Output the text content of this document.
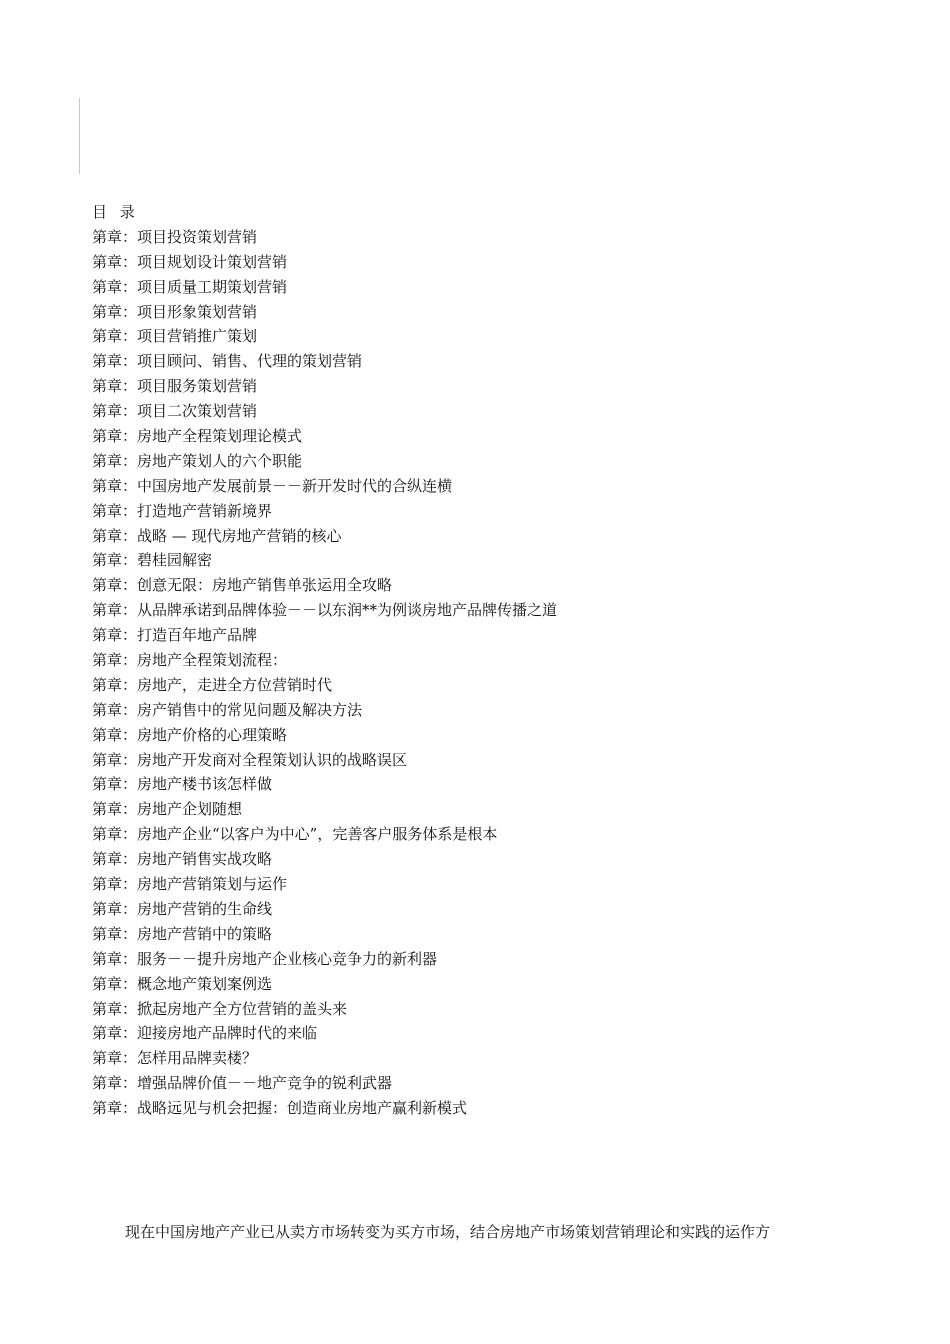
目 录
第章：项目投资策划营销
第章：项目规划设计策划营销
第章：项目质量工期策划营销
第章：项目形象策划营销
第章：项目营销推广策划
第章：项目顾问、销售、代理的策划营销
第章：项目服务策划营销
第章：项目二次策划营销
第章：房地产全程策划理论模式
第章：房地产策划人的六个职能
第章：中国房地产发展前景－－新开发时代的合纵连横
第章：打造地产营销新境界
第章：战略 — 现代房地产营销的核心
第章：碧桂园解密
第章：创意无限：房地产销售单张运用全攻略
第章：从品牌承诺到品牌体验－－以东润**为例谈房地产品牌传播之道
第章：打造百年地产品牌
第章：房地产全程策划流程：
第章：房地产，走进全方位营销时代
第章：房产销售中的常见问题及解决方法
第章：房地产价格的心理策略
第章：房地产开发商对全程策划认识的战略误区
第章：房地产楼书该怎样做
第章：房地产企划随想
第章：房地产企业“以客户为中心”，完善客户服务体系是根本
第章：房地产销售实战攻略
第章：房地产营销策划与运作
第章：房地产营销的生命线
第章：房地产营销中的策略
第章：服务－－提升房地产企业核心竞争力的新利器
第章：概念地产策划案例选
第章：掀起房地产全方位营销的盖头来
第章：迎接房地产品牌时代的来临
第章：怎样用品牌卖楼？
第章：增强品牌价值－－地产竞争的锐利武器
第章：战略远见与机会把握：创造商业房地产赢利新模式
现在中国房地产产业已从卖方市场转变为买方市场，结合房地产市场策划营销理论和实践的运作方
